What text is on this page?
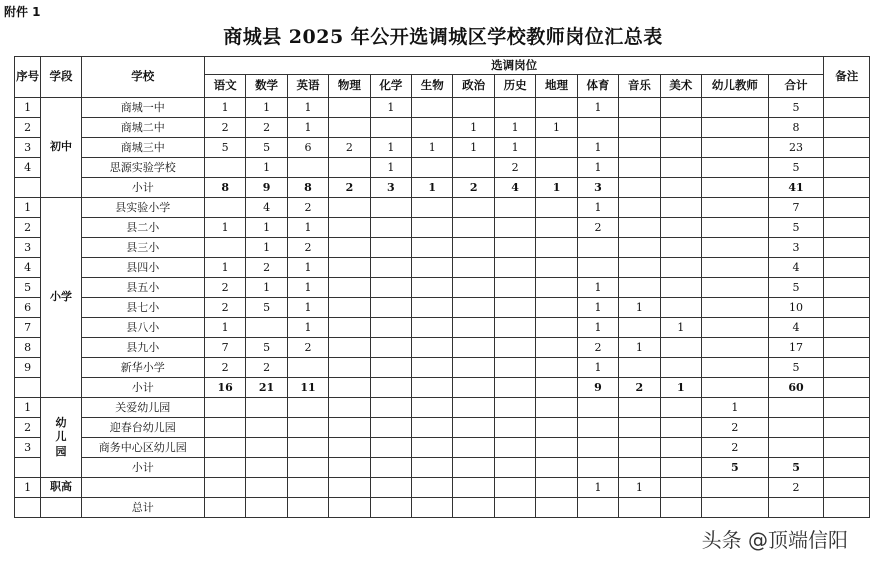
附件 1
商城县 2025 年公开选调城区学校教师岗位汇总表
序号	学段	学校	选调岗位														备注
			语文	数学	英语	物理	化学	生物	政治	历史	地理	体育	音乐	美术	幼儿教师	合计	
1	初中	商城一中	1	1	1		1					1				5	
2		商城二中	2	2	1				1	1	1					8	
3		商城三中	5	5	6	2	1	1	1	1		1				23	
4		思源实验学校		1			1			2		1				5	
		小计	8	9	8	2	3	1	2	4	1	3				41	
1	小学	县实验小学		4	2							1				7	
2		县二小	1	1	1							2				5	
3		县三小		1	2											3	
4		县四小	1	2	1											4	
5		县五小	2	1	1							1				5	
6		县七小	2	5	1							1	1			10	
7		县八小	1		1							1		1		4	
8		县九小	7	5	2							2	1			17	
9		新华小学	2	2								1				5	
		小计	16	21	11							9	2	1		60	
1	幼儿园	关爱幼儿园													1		
2		迎春台幼儿园													2		
3		商务中心区幼儿园													2		
		小计													5	5	
1	职高											1	1			2	
		总计															
头条 @顶端信阳
